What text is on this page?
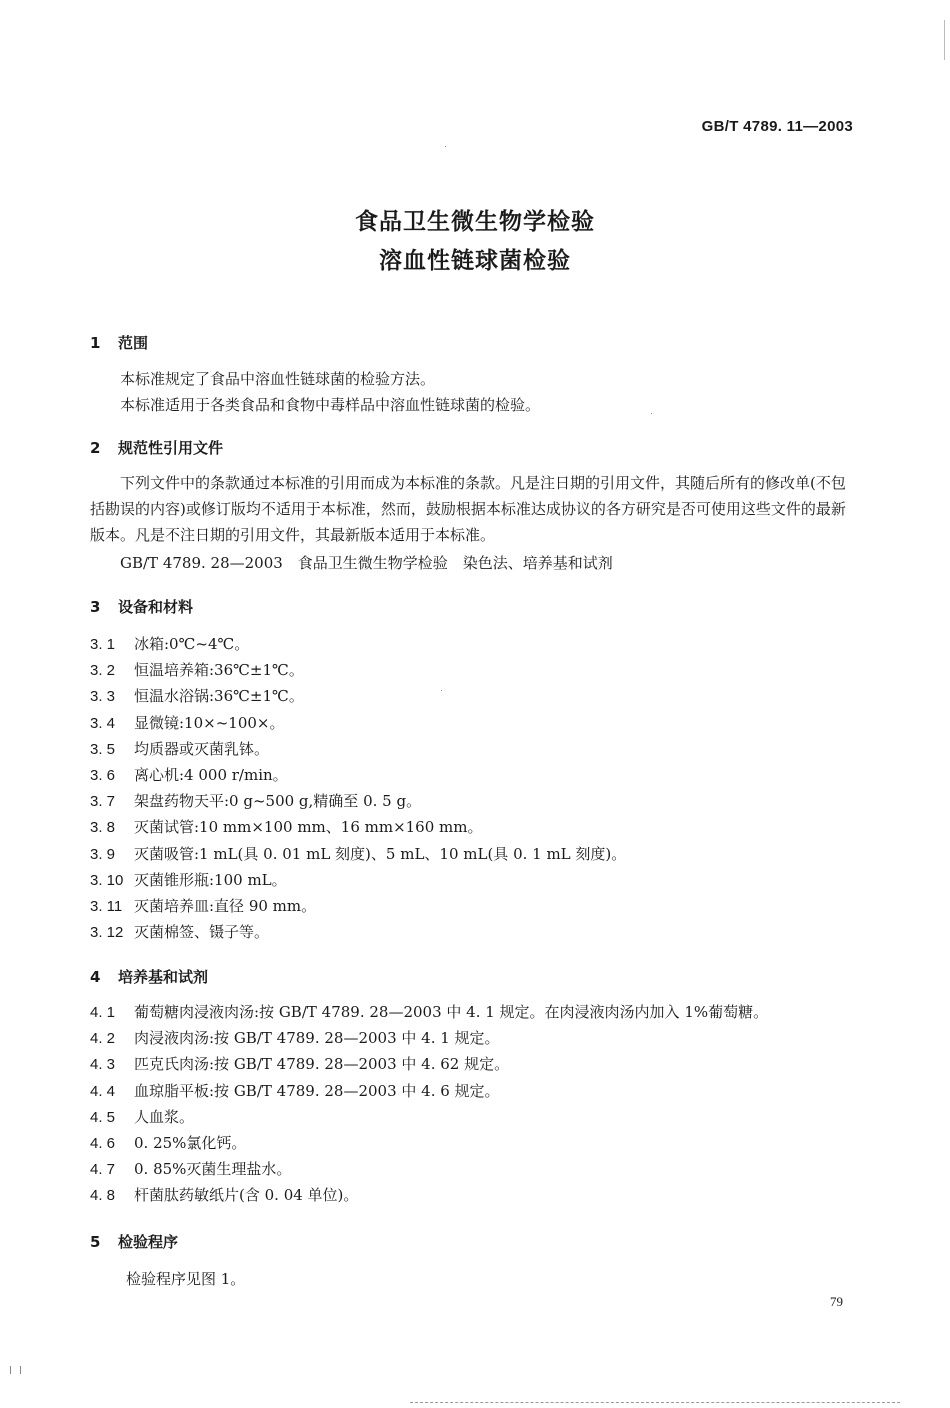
GB/T 4789. 11—2003
食品卫生微生物学检验
溶血性链球菌检验
1 范围
本标准规定了食品中溶血性链球菌的检验方法。
本标准适用于各类食品和食物中毒样品中溶血性链球菌的检验。
2 规范性引用文件
下列文件中的条款通过本标准的引用而成为本标准的条款。凡是注日期的引用文件，其随后所有的修改单(不包括勘误的内容)或修订版均不适用于本标准，然而，鼓励根据本标准达成协议的各方研究是否可使用这些文件的最新版本。凡是不注日期的引用文件，其最新版本适用于本标准。
GB/T 4789. 28—2003　食品卫生微生物学检验　染色法、培养基和试剂
3 设备和材料
3. 1 冰箱:0℃~4℃。
3. 2 恒温培养箱:36℃±1℃。
3. 3 恒温水浴锅:36℃±1℃。
3. 4 显微镜:10×~100×。
3. 5 均质器或灭菌乳钵。
3. 6 离心机:4 000 r/min。
3. 7 架盘药物天平:0 g~500 g,精确至 0. 5 g。
3. 8 灭菌试管:10 mm×100 mm、16 mm×160 mm。
3. 9 灭菌吸管:1 mL(具 0. 01 mL 刻度)、5 mL、10 mL(具 0. 1 mL 刻度)。
3. 10 灭菌锥形瓶:100 mL。
3. 11 灭菌培养皿:直径 90 mm。
3. 12 灭菌棉签、镊子等。
4 培养基和试剂
4. 1 葡萄糖肉浸液肉汤:按 GB/T 4789. 28—2003 中 4. 1 规定。在肉浸液肉汤内加入 1%葡萄糖。
4. 2 肉浸液肉汤:按 GB/T 4789. 28—2003 中 4. 1 规定。
4. 3 匹克氏肉汤:按 GB/T 4789. 28—2003 中 4. 62 规定。
4. 4 血琼脂平板:按 GB/T 4789. 28—2003 中 4. 6 规定。
4. 5 人血浆。
4. 6 0. 25%氯化钙。
4. 7 0. 85%灭菌生理盐水。
4. 8 杆菌肽药敏纸片(含 0. 04 单位)。
5 检验程序
检验程序见图 1。
79
